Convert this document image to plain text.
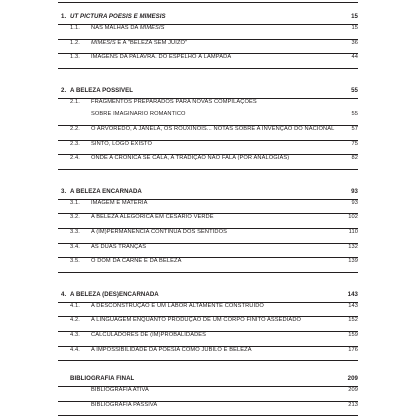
1. UT PICTURA POESIS E MÍMESIS	15
1.1.	NAS MALHAS DA MÍMESIS	15
1.2.	MÍMESIS E A "BELEZA SEM JUÍZO"	36
1.3.	IMAGENS DA PALAVRA. DO ESPELHO À LÂMPADA	44
2. A BELEZA POSSÍVEL	55
2.1.	FRAGMENTOS PREPARADOS PARA NOVAS COMPILAÇÕES
SOBRE IMAGINÁRIO ROMÂNTICO	55
2.2.	O ARVOREDO, A JANELA, OS ROUXINÓIS... NOTAS SOBRE A INVENÇÃO DO NACIONAL	57
2.3.	SINTO, LOGO EXISTO	75
2.4.	ONDE A CRÓNICA SE CALA, A TRADIÇÃO NÃO FALA (POR ANALOGIAS)	82
3. A BELEZA ENCARNADA	93
3.1.	IMAGEM E MATÉRIA	93
3.2.	A BELEZA ALEGÓRICA EM CESÁRIO VERDE	102
3.3.	A (IM)PERMANÊNCIA CONTÍNUA DOS SENTIDOS	110
3.4.	AS DUAS TRANÇAS	132
3.5.	O DOM DA CARNE E DA BELEZA	139
4. A BELEZA (DES)ENCARNADA	143
4.1.	A DESCONSTRUÇÃO É UM LABOR ALTAMENTE CONSTRUÍDO	143
4.2.	A LINGUAGEM ENQUANTO PRODUÇÃO DE UM CORPO FINITO ASSEDIADO	152
4.3.	CALCULADORES DE (IM)PROBALIDADES	159
4.4.	A IMPOSSIBILIDADE DA POESIA COMO JÚBILO E BELEZA	176
BIBLIOGRAFIA FINAL	209
BIBLIOGRAFIA ATIVA	209
BIBLIOGRAFIA PASSIVA	213
